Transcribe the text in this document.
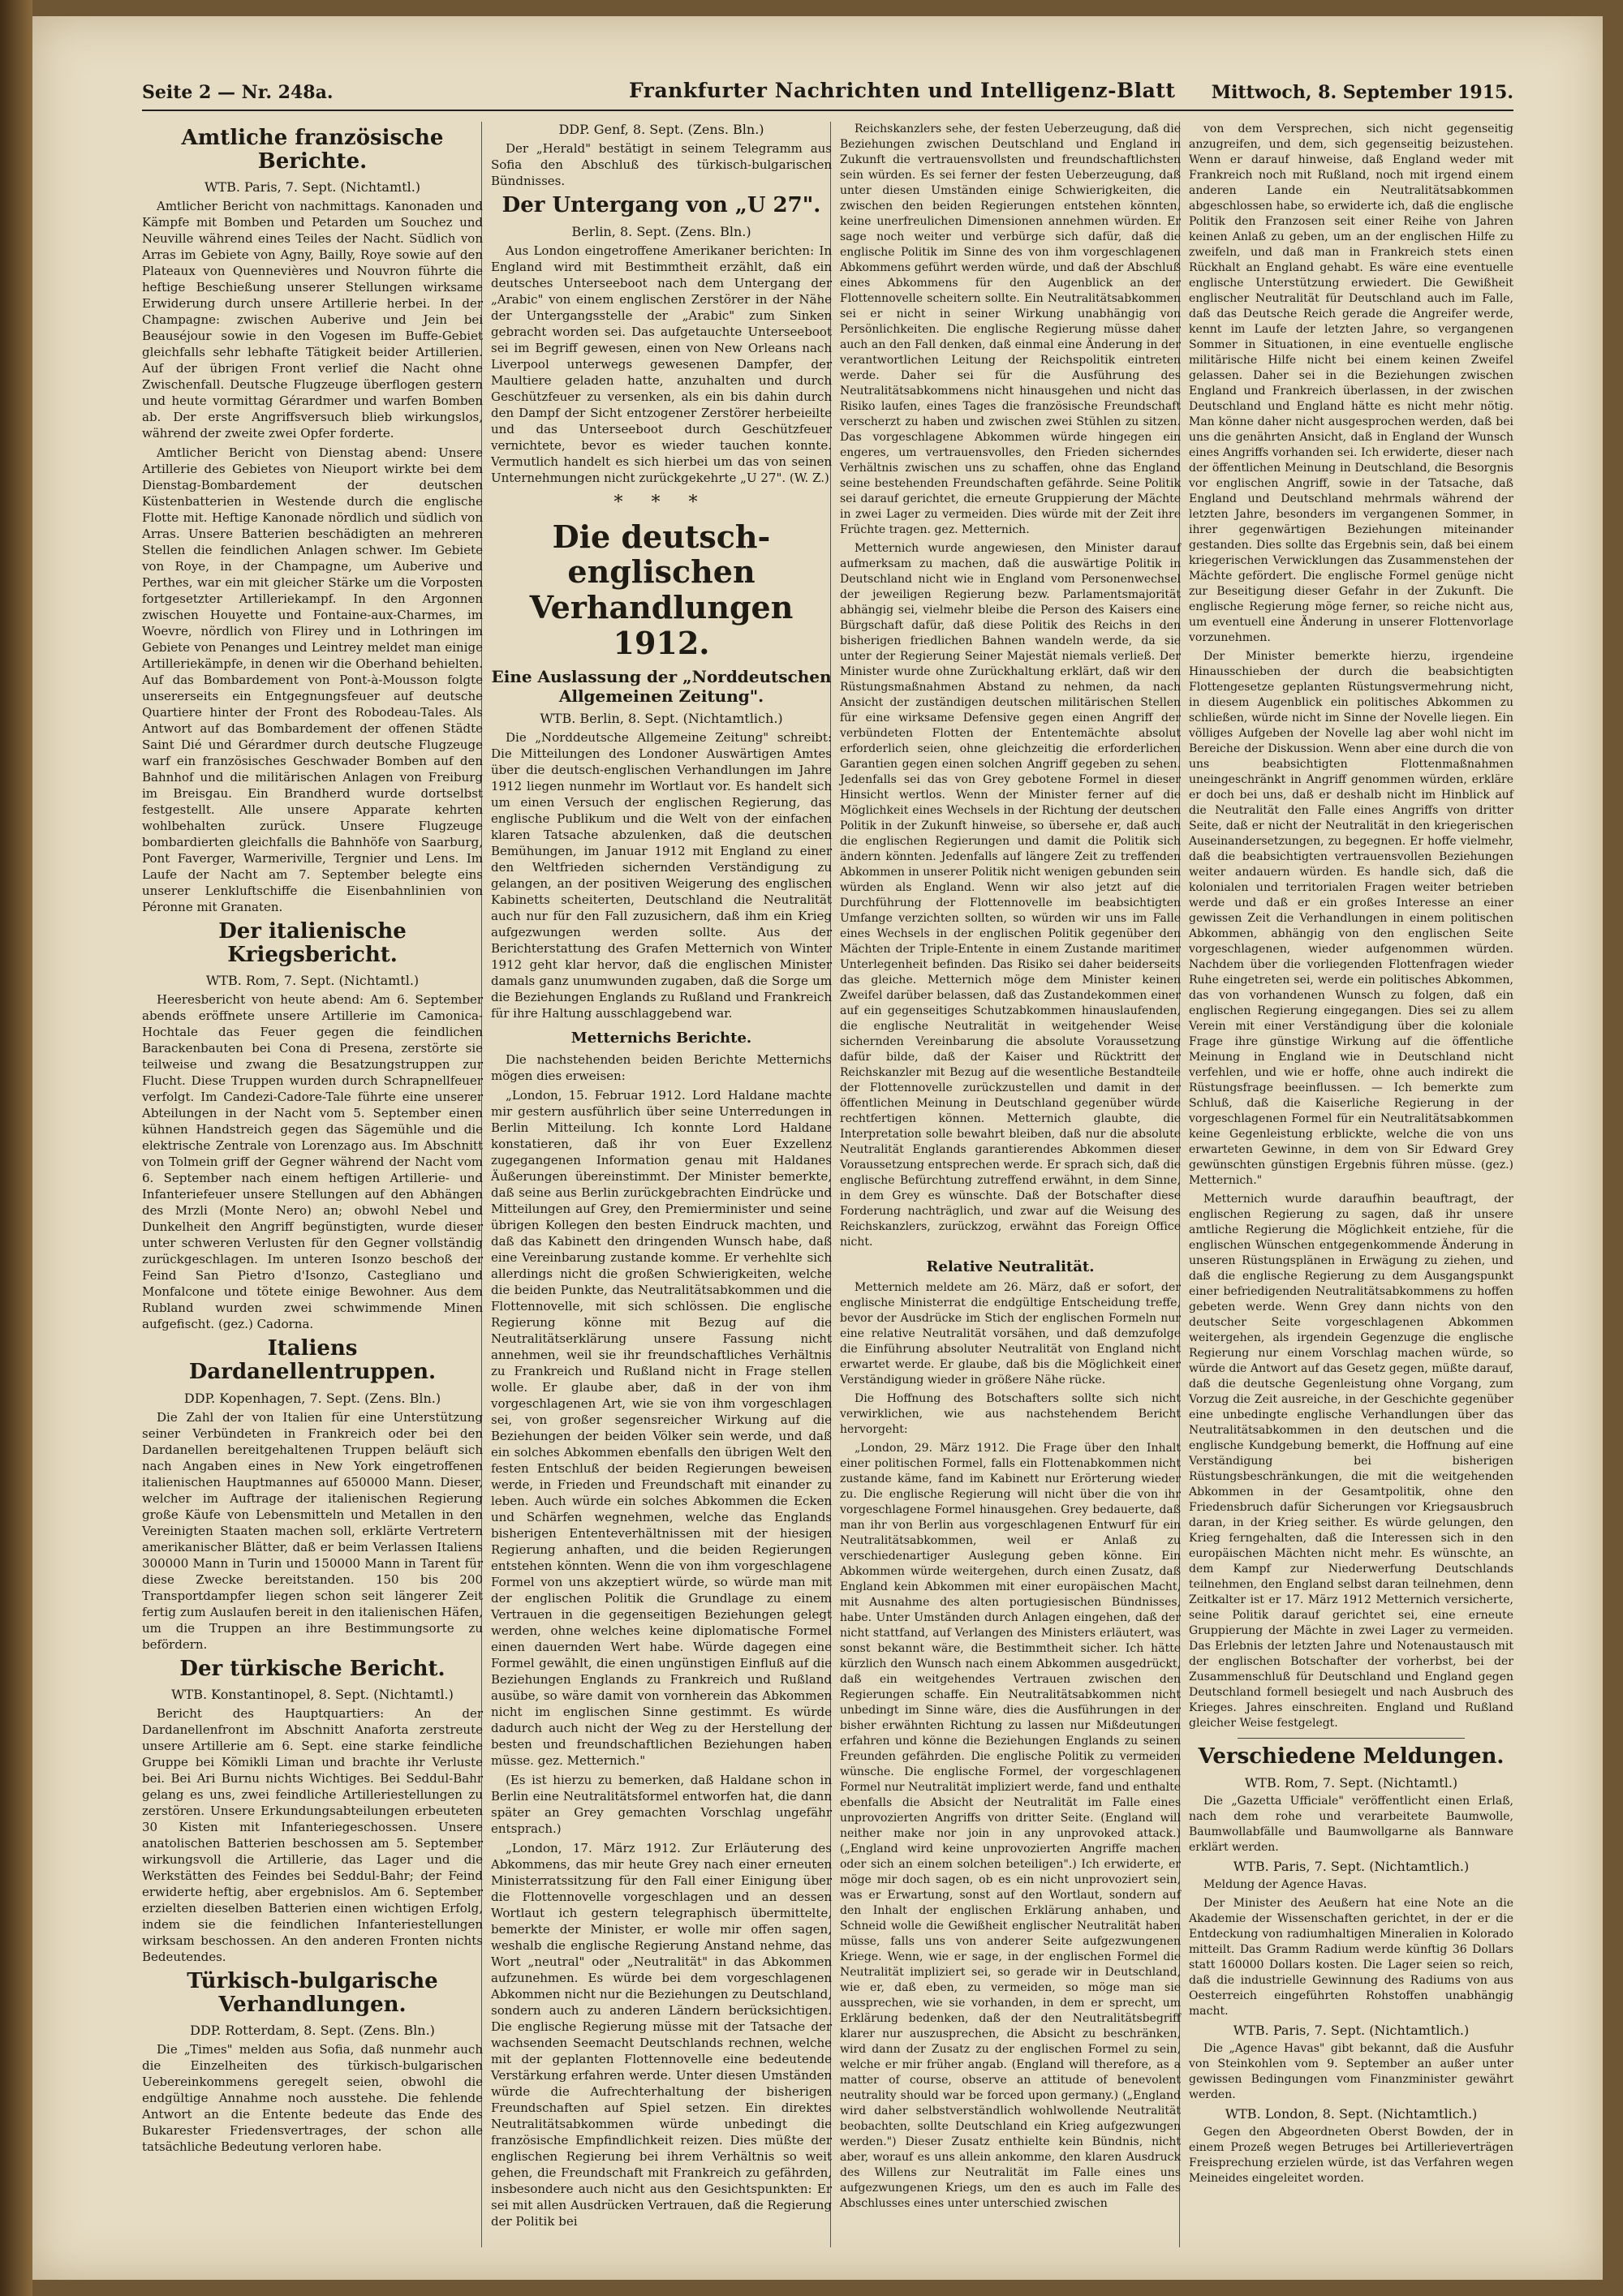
Seite 2 — Nr. 248a.	Frankfurter Nachrichten und Intelligenz-Blatt Mittwoch, 8. September 1915.
Amtliche französische Berichte.
WTB. Paris, 7. Sept. (Nichtamtl.)

Amtlicher Bericht von nachmittags. Kanonaden und Kämpfe mit Bomben und Petarden um Souchez und Neuville während eines Teiles der Nacht. Südlich von Arras im Gebiete von Agny, Bailly, Roye sowie auf den Plateaux von Quennevières und Nouvron führte die heftige Beschießung unserer Stellungen wirksame Erwiderung durch unsere Artillerie herbei. In der Champagne: zwischen Auberive und Jein bei Beauséjour sowie in den Vogesen im Buffe-Gebiet gleichfalls sehr lebhafte Tätigkeit beider Artillerien. Auf der übrigen Front verlief die Nacht ohne Zwischenfall. Deutsche Flugzeuge überflogen gestern und heute vormittag Gérardmer und warfen Bomben ab. Der erste Angriffsversuch blieb wirkungslos, während der zweite zwei Opfer forderte.

Amtlicher Bericht von Dienstag abend: Unsere Artillerie des Gebietes von Nieuport wirkte bei dem Dienstag-Bombardement der deutschen Küstenbatterien in Westende durch die englische Flotte mit. Heftige Kanonade nördlich und südlich von Arras. Unsere Batterien beschädigten an mehreren Stellen die feindlichen Anlagen schwer. Im Gebiete von Roye, in der Champagne, um Auberive und Perthes, war ein mit gleicher Stärke um die Vorposten fortgesetzter Artilleriekampf. In den Argonnen zwischen Houyette und Fontaine-aux-Charmes, im Woevre, nördlich von Flirey und in Lothringen im Gebiete von Penanges und Leintrey meldet man einige Artilleriekämpfe, in denen wir die Oberhand behielten. Auf das Bombardement von Pont-à-Mousson folgte unsererseits ein Entgegnungsfeuer auf deutsche Quartiere hinter der Front des Robodeau-Tales. Als Antwort auf das Bombardement der offenen Städte Saint Dié und Gérardmer durch deutsche Flugzeuge warf ein französisches Geschwader Bomben auf den Bahnhof und die militärischen Anlagen von Freiburg im Breisgau. Ein Brandherd wurde dortselbst festgestellt. Alle unsere Apparate kehrten wohlbehalten zurück. Unsere Flugzeuge bombardierten gleichfalls die Bahnhöfe von Saarburg, Pont Faverger, Warmeriville, Tergnier und Lens. Im Laufe der Nacht am 7. September belegte eins unserer Lenkluftschiffe die Eisenbahnlinien von Péronne mit Granaten.

Der italienische Kriegsbericht.
WTB. Rom, 7. Sept. (Nichtamtl.)

Heeresbericht von heute abend: Am 6. September abends eröffnete unsere Artillerie im Camonica-Hochtale das Feuer gegen die feindlichen Barackenbauten bei Cona di Presena, zerstörte sie teilweise und zwang die Besatzungstruppen zur Flucht. Diese Truppen wurden durch Schrapnellfeuer verfolgt. Im Candezi-Cadore-Tale führte eine unserer Abteilungen in der Nacht vom 5. September einen kühnen Handstreich gegen das Sägemühle und die elektrische Zentrale von Lorenzago aus. Im Abschnitt von Tolmein griff der Gegner während der Nacht vom 6. September nach einem heftigen Artillerie- und Infanteriefeuer unsere Stellungen auf den Abhängen des Mrzli (Monte Nero) an; obwohl Nebel und Dunkelheit den Angriff begünstigten, wurde dieser unter schweren Verlusten für den Gegner vollständig zurückgeschlagen. Im unteren Isonzo beschoß der Feind San Pietro d'Isonzo, Castegliano und Monfalcone und tötete einige Bewohner. Aus dem Rubland wurden zwei schwimmende Minen aufgefischt. (gez.) Cadorna.

Italiens Dardanellentruppen.
DDP. Kopenhagen, 7. Sept. (Zens. Bln.)

Die Zahl der von Italien für eine Unterstützung seiner Verbündeten in Frankreich oder bei den Dardanellen bereitgehaltenen Truppen beläuft sich nach Angaben eines in New York eingetroffenen italienischen Hauptmannes auf 650000 Mann. Dieser, welcher im Auftrage der italienischen Regierung große Käufe von Lebensmitteln und Metallen in den Vereinigten Staaten machen soll, erklärte Vertretern amerikanischer Blätter, daß er beim Verlassen Italiens 300000 Mann in Turin und 150000 Mann in Tarent für diese Zwecke bereitstanden. 150 bis 200 Transportdampfer liegen schon seit längerer Zeit fertig zum Auslaufen bereit in den italienischen Häfen, um die Truppen an ihre Bestimmungsorte zu befördern.

Der türkische Bericht.
WTB. Konstantinopel, 8. Sept. (Nichtamtl.)

Bericht des Hauptquartiers: An der Dardanellenfront im Abschnitt Anaforta zerstreute unsere Artillerie am 6. Sept. eine starke feindliche Gruppe bei Kömikli Liman und brachte ihr Verluste bei. Bei Ari Burnu nichts Wichtiges. Bei Seddul-Bahr gelang es uns, zwei feindliche Artilleriestellungen zu zerstören. Unsere Erkundungsabteilungen erbeuteten 30 Kisten mit Infanteriegeschossen. Unsere anatolischen Batterien beschossen am 5. September wirkungsvoll die Artillerie, das Lager und die Werkstätten des Feindes bei Seddul-Bahr; der Feind erwiderte heftig, aber ergebnislos. Am 6. September erzielten dieselben Batterien einen wichtigen Erfolg, indem sie die feindlichen Infanteriestellungen wirksam beschossen. An den anderen Fronten nichts Bedeutendes.

Türkisch-bulgarische Verhandlungen.
DDP. Rotterdam, 8. Sept. (Zens. Bln.)

Die „Times" melden aus Sofia, daß nunmehr auch die Einzelheiten des türkisch-bulgarischen Uebereinkommens geregelt seien, obwohl die endgültige Annahme noch ausstehe. Die fehlende Antwort an die Entente bedeute das Ende des Bukarester Friedensvertrages, der schon alle tatsächliche Bedeutung verloren habe.

DDP. Genf, 8. Sept. (Zens. Bln.)

Der „Herald" bestätigt in seinem Telegramm aus Sofia den Abschluß des türkisch-bulgarischen Bündnisses.

Der Untergang von „U 27".
Berlin, 8. Sept. (Zens. Bln.)

Aus London eingetroffene Amerikaner berichten: In England wird mit Bestimmtheit erzählt, daß ein deutsches Unterseeboot nach dem Untergang der „Arabic" von einem englischen Zerstörer in der Nähe der Untergangsstelle der „Arabic" zum Sinken gebracht worden sei. Das aufgetauchte Unterseeboot sei im Begriff gewesen, einen von New Orleans nach Liverpool unterwegs gewesenen Dampfer, der Maultiere geladen hatte, anzuhalten und durch Geschützfeuer zu versenken, als ein bis dahin durch den Dampf der Sicht entzogener Zerstörer herbeieilte und das Unterseeboot durch Geschützfeuer vernichtete, bevor es wieder tauchen konnte. Vermutlich handelt es sich hierbei um das von seinen Unternehmungen nicht zurückgekehrte „U 27". (W. Z.)

* * *
Die deutsch-englischen Verhandlungen 1912.
Eine Auslassung der „Norddeutschen Allgemeinen Zeitung".
WTB. Berlin, 8. Sept. (Nichtamtlich.)

Die „Norddeutsche Allgemeine Zeitung" schreibt: Die Mitteilungen des Londoner Auswärtigen Amtes über die deutsch-englischen Verhandlungen im Jahre 1912 liegen nunmehr im Wortlaut vor. Es handelt sich um einen Versuch der englischen Regierung, das englische Publikum und die Welt von der einfachen klaren Tatsache abzulenken, daß die deutschen Bemühungen, im Januar 1912 mit England zu einer den Weltfrieden sichernden Verständigung zu gelangen, an der positiven Weigerung des englischen Kabinetts scheiterten, Deutschland die Neutralität auch nur für den Fall zuzusichern, daß ihm ein Krieg aufgezwungen werden sollte. Aus der Berichterstattung des Grafen Metternich von Winter 1912 geht klar hervor, daß die englischen Minister damals ganz unumwunden zugaben, daß die Sorge um die Beziehungen Englands zu Rußland und Frankreich für ihre Haltung ausschlaggebend war.

Metternichs Berichte.

Die nachstehenden beiden Berichte Metternichs mögen dies erweisen:

„London, 15. Februar 1912. Lord Haldane machte mir gestern ausführlich über seine Unterredungen in Berlin Mitteilung. Ich konnte Lord Haldane konstatieren, daß ihr von Euer Exzellenz zugegangenen Information genau mit Haldanes Äußerungen übereinstimmt. Der Minister bemerkte, daß seine aus Berlin zurückgebrachten Eindrücke und Mitteilungen auf Grey, den Premierminister und seine übrigen Kollegen den besten Eindruck machten, und daß das Kabinett den dringenden Wunsch habe, daß eine Vereinbarung zustande komme. Er verhehlte sich allerdings nicht die großen Schwierigkeiten, welche die beiden Punkte, das Neutralitätsabkommen und die Flottennovelle, mit sich schlössen. Die englische Regierung könne mit Bezug auf die Neutralitätserklärung unsere Fassung nicht annehmen, weil sie ihr freundschaftliches Verhältnis zu Frankreich und Rußland nicht in Frage stellen wolle. Er glaube aber, daß in der von ihm vorgeschlagenen Art, wie sie von ihm vorgeschlagen sei, von großer segensreicher Wirkung auf die Beziehungen der beiden Völker sein werde, und daß ein solches Abkommen ebenfalls den übrigen Welt den festen Entschluß der beiden Regierungen beweisen werde, in Frieden und Freundschaft mit einander zu leben. Auch würde ein solches Abkommen die Ecken und Schärfen wegnehmen, welche das Englands bisherigen Ententeverhältnissen mit der hiesigen Regierung anhaften, und die beiden Regierungen entstehen könnten. Wenn die von ihm vorgeschlagene Formel von uns akzeptiert würde, so würde man mit der englischen Politik die Grundlage zu einem Vertrauen in die gegenseitigen Beziehungen gelegt werden, ohne welches keine diplomatische Formel einen dauernden Wert habe. Würde dagegen eine Formel gewählt, die einen ungünstigen Einfluß auf die Beziehungen Englands zu Frankreich und Rußland ausübe, so wäre damit von vornherein das Abkommen nicht im englischen Sinne gestimmt. Es würde dadurch auch nicht der Weg zu der Herstellung der besten und freundschaftlichen Beziehungen haben müsse. gez. Metternich."

(Es ist hierzu zu bemerken, daß Haldane schon in Berlin eine Neutralitätsformel entworfen hat, die dann später an Grey gemachten Vorschlag ungefähr entsprach.)

„London, 17. März 1912. Zur Erläuterung des Abkommens, das mir heute Grey nach einer erneuten Ministerratssitzung für den Fall einer Einigung über die Flottennovelle vorgeschlagen und an dessen Wortlaut ich gestern telegraphisch übermittelte, bemerkte der Minister, er wolle mir offen sagen, weshalb die englische Regierung Anstand nehme, das Wort „neutral" oder „Neutralität" in das Abkommen aufzunehmen. Es würde bei dem vorgeschlagenen Abkommen nicht nur die Beziehungen zu Deutschland, sondern auch zu anderen Ländern berücksichtigen. Die englische Regierung müsse mit der Tatsache der wachsenden Seemacht Deutschlands rechnen, welche mit der geplanten Flottennovelle eine bedeutende Verstärkung erfahren werde. Unter diesen Umständen würde die Aufrechterhaltung der bisherigen Freundschaften auf Spiel setzen. Ein direktes Neutralitätsabkommen würde unbedingt die französische Empfindlichkeit reizen. Dies müßte der englischen Regierung bei ihrem Verhältnis so weit gehen, die Freundschaft mit Frankreich zu gefährden, insbesondere auch nicht aus den Gesichtspunkten: Er sei mit allen Ausdrücken Vertrauen, daß die Regierung der Politik bei

Reichskanzlers sehe, der festen Ueberzeugung, daß die Beziehungen zwischen Deutschland und England in Zukunft die vertrauensvollsten und freundschaftlichsten sein würden. Es sei ferner der festen Ueberzeugung, daß unter diesen Umständen einige Schwierigkeiten, die zwischen den beiden Regierungen entstehen könnten, keine unerfreulichen Dimensionen annehmen würden. Er sage noch weiter und verbürge sich dafür, daß die englische Politik im Sinne des von ihm vorgeschlagenen Abkommens geführt werden würde, und daß der Abschluß eines Abkommens für den Augenblick an der Flottennovelle scheitern sollte. Ein Neutralitätsabkommen sei er nicht in seiner Wirkung unabhängig von Persönlichkeiten. Die englische Regierung müsse daher auch an den Fall denken, daß einmal eine Änderung in der verantwortlichen Leitung der Reichspolitik eintreten werde. Daher sei für die Ausführung des Neutralitätsabkommens nicht hinausgehen und nicht das Risiko laufen, eines Tages die französische Freundschaft verscherzt zu haben und zwischen zwei Stühlen zu sitzen. Das vorgeschlagene Abkommen würde hingegen ein engeres, um vertrauensvolles, den Frieden sicherndes Verhältnis zwischen uns zu schaffen, ohne das England seine bestehenden Freundschaften gefährde. Seine Politik sei darauf gerichtet, die erneute Gruppierung der Mächte in zwei Lager zu vermeiden. Dies würde mit der Zeit ihre Früchte tragen. gez. Metternich.

Metternich wurde angewiesen, den Minister darauf aufmerksam zu machen, daß die auswärtige Politik in Deutschland nicht wie in England vom Personenwechsel der jeweiligen Regierung bezw. Parlamentsmajorität abhängig sei, vielmehr bleibe die Person des Kaisers eine Bürgschaft dafür, daß diese Politik des Reichs in den bisherigen friedlichen Bahnen wandeln werde, da sie unter der Regierung Seiner Majestät niemals verließ. Der Minister wurde ohne Zurückhaltung erklärt, daß wir den Rüstungsmaßnahmen Abstand zu nehmen, da nach Ansicht der zuständigen deutschen militärischen Stellen für eine wirksame Defensive gegen einen Angriff der verbündeten Flotten der Ententemächte absolut erforderlich seien, ohne gleichzeitig die erforderlichen Garantien gegen einen solchen Angriff gegeben zu sehen. Jedenfalls sei das von Grey gebotene Formel in dieser Hinsicht wertlos. Wenn der Minister ferner auf die Möglichkeit eines Wechsels in der Richtung der deutschen Politik in der Zukunft hinweise, so übersehe er, daß auch die englischen Regierungen und damit die Politik sich ändern könnten. Jedenfalls auf längere Zeit zu treffenden Abkommen in unserer Politik nicht wenigen gebunden sein würden als England. Wenn wir also jetzt auf die Durchführung der Flottennovelle im beabsichtigten Umfange verzichten sollten, so würden wir uns im Falle eines Wechsels in der englischen Politik gegenüber den Mächten der Triple-Entente in einem Zustande maritimer Unterlegenheit befinden. Das Risiko sei daher beiderseits das gleiche. Metternich möge dem Minister keinen Zweifel darüber belassen, daß das Zustandekommen einer auf ein gegenseitiges Schutzabkommen hinauslaufenden, die englische Neutralität in weitgehender Weise sichernden Vereinbarung die absolute Voraussetzung dafür bilde, daß der Kaiser und Rücktritt der Reichskanzler mit Bezug auf die wesentliche Bestandteile der Flottennovelle zurückzustellen und damit in der öffentlichen Meinung in Deutschland gegenüber würde rechtfertigen können. Metternich glaubte, die Interpretation solle bewahrt bleiben, daß nur die absolute Neutralität Englands garantierendes Abkommen dieser Voraussetzung entsprechen werde. Er sprach sich, daß die englische Befürchtung zutreffend erwähnt, in dem Sinne, in dem Grey es wünschte. Daß der Botschafter diese Forderung nachträglich, und zwar auf die Weisung des Reichskanzlers, zurückzog, erwähnt das Foreign Office nicht.

Relative Neutralität.

Metternich meldete am 26. März, daß er sofort, der englische Ministerrat die endgültige Entscheidung treffe, bevor der Ausdrücke im Stich der englischen Formeln nur eine relative Neutralität vorsähen, und daß demzufolge die Einführung absoluter Neutralität von England nicht erwartet werde. Er glaube, daß bis die Möglichkeit einer Verständigung wieder in größere Nähe rücke.

Die Hoffnung des Botschafters sollte sich nicht verwirklichen, wie aus nachstehendem Bericht hervorgeht:

„London, 29. März 1912. Die Frage über den Inhalt einer politischen Formel, falls ein Flottenabkommen nicht zustande käme, fand im Kabinett nur Erörterung wieder zu. Die englische Regierung will nicht über die von ihr vorgeschlagene Formel hinausgehen. Grey bedauerte, daß man ihr von Berlin aus vorgeschlagenen Entwurf für ein Neutralitätsabkommen, weil er Anlaß zu verschiedenartiger Auslegung geben könne. Ein Abkommen würde weitergehen, durch einen Zusatz, daß England kein Abkommen mit einer europäischen Macht, mit Ausnahme des alten portugiesischen Bündnisses, habe. Unter Umständen durch Anlagen eingehen, daß der nicht stattfand, auf Verlangen des Ministers erläutert, was sonst bekannt wäre, die Bestimmtheit sicher. Ich hätte kürzlich den Wunsch nach einem Abkommen ausgedrückt, daß ein weitgehendes Vertrauen zwischen den Regierungen schaffe. Ein Neutralitätsabkommen nicht unbedingt im Sinne wäre, dies die Ausführungen in der bisher erwähnten Richtung zu lassen nur Mißdeutungen erfahren und könne die Beziehungen Englands zu seinen Freunden gefährden. Die englische Politik zu vermeiden wünsche. Die englische Formel, der vorgeschlagenen Formel nur Neutralität impliziert werde, fand und enthalte ebenfalls die Absicht der Neutralität im Falle eines unprovozierten Angriffs von dritter Seite. (England will neither make nor join in any unprovoked attack.) („England wird keine unprovozierten Angriffe machen oder sich an einem solchen beteiligen".) Ich erwiderte, er möge mir doch sagen, ob es ein nicht unprovoziert sein, was er Erwartung, sonst auf den Wortlaut, sondern auf den Inhalt der englischen Erklärung anhaben, und Schneid wolle die Gewißheit englischer Neutralität haben müsse, falls uns von anderer Seite aufgezwungenen Kriege. Wenn, wie er sage, in der englischen Formel die Neutralität impliziert sei, so gerade wir in Deutschland, wie er, daß eben, zu vermeiden, so möge man sie aussprechen, wie sie vorhanden, in dem er sprecht, um Erklärung bedenken, daß der den Neutralitätsbegriff klarer nur auszusprechen, die Absicht zu beschränken, wird dann der Zusatz zu der englischen Formel zu sein, welche er mir früher angab. (England will therefore, as a matter of course, observe an attitude of benevolent neutrality should war be forced upon germany.) („England wird daher selbstverständlich wohlwollende Neutralität beobachten, sollte Deutschland ein Krieg aufgezwungen werden.") Dieser Zusatz enthielte kein Bündnis, nicht aber, worauf es uns allein ankomme, den klaren Ausdruck des Willens zur Neutralität im Falle eines uns aufgezwungenen Kriegs, um den es auch im Falle des Abschlusses eines unter unterschied zwischen

von dem Versprechen, sich nicht gegenseitig anzugreifen, und dem, sich gegenseitig beizustehen. Wenn er darauf hinweise, daß England weder mit Frankreich noch mit Rußland, noch mit irgend einem anderen Lande ein Neutralitätsabkommen abgeschlossen habe, so erwiderte ich, daß die englische Politik den Franzosen seit einer Reihe von Jahren keinen Anlaß zu geben, um an der englischen Hilfe zu zweifeln, und daß man in Frankreich stets einen Rückhalt an England gehabt. Es wäre eine eventuelle englische Unterstützung erwiedert. Die Gewißheit englischer Neutralität für Deutschland auch im Falle, daß das Deutsche Reich gerade die Angreifer werde, kennt im Laufe der letzten Jahre, so vergangenen Sommer in Situationen, in eine eventuelle englische militärische Hilfe nicht bei einem keinen Zweifel gelassen. Daher sei in die Beziehungen zwischen England und Frankreich überlassen, in der zwischen Deutschland und England hätte es nicht mehr nötig. Man könne daher nicht ausgesprochen werden, daß bei uns die genährten Ansicht, daß in England der Wunsch eines Angriffs vorhanden sei. Ich erwiderte, dieser nach der öffentlichen Meinung in Deutschland, die Besorgnis vor englischen Angriff, sowie in der Tatsache, daß England und Deutschland mehrmals während der letzten Jahre, besonders im vergangenen Sommer, in ihrer gegenwärtigen Beziehungen miteinander gestanden. Dies sollte das Ergebnis sein, daß bei einem kriegerischen Verwicklungen das Zusammenstehen der Mächte gefördert. Die englische Formel genüge nicht zur Beseitigung dieser Gefahr in der Zukunft. Die englische Regierung möge ferner, so reiche nicht aus, um eventuell eine Änderung in unserer Flottenvorlage vorzunehmen.

Der Minister bemerkte hierzu, irgendeine Hinausschieben der durch die beabsichtigten Flottengesetze geplanten Rüstungsvermehrung nicht, in diesem Augenblick ein politisches Abkommen zu schließen, würde nicht im Sinne der Novelle liegen. Ein völliges Aufgeben der Novelle lag aber wohl nicht im Bereiche der Diskussion. Wenn aber eine durch die von uns beabsichtigten Flottenmaßnahmen uneingeschränkt in Angriff genommen würden, erkläre er doch bei uns, daß er deshalb nicht im Hinblick auf die Neutralität den Falle eines Angriffs von dritter Seite, daß er nicht der Neutralität in den kriegerischen Auseinandersetzungen, zu begegnen. Er hoffe vielmehr, daß die beabsichtigten vertrauensvollen Beziehungen weiter andauern würden. Es handle sich, daß die kolonialen und territorialen Fragen weiter betrieben werde und daß er ein großes Interesse an einer gewissen Zeit die Verhandlungen in einem politischen Abkommen, abhängig von den englischen Seite vorgeschlagenen, wieder aufgenommen würden. Nachdem über die vorliegenden Flottenfragen wieder Ruhe eingetreten sei, werde ein politisches Abkommen, das von vorhandenen Wunsch zu folgen, daß ein englischen Regierung eingegangen. Dies sei zu allem Verein mit einer Verständigung über die koloniale Frage ihre günstige Wirkung auf die öffentliche Meinung in England wie in Deutschland nicht verfehlen, und wie er hoffe, ohne auch indirekt die Rüstungsfrage beeinflussen. — Ich bemerkte zum Schluß, daß die Kaiserliche Regierung in der vorgeschlagenen Formel für ein Neutralitätsabkommen keine Gegenleistung erblickte, welche die von uns erwarteten Gewinne, in dem von Sir Edward Grey gewünschten günstigen Ergebnis führen müsse. (gez.) Metternich."

Metternich wurde daraufhin beauftragt, der englischen Regierung zu sagen, daß ihr unsere amtliche Regierung die Möglichkeit entziehe, für die englischen Wünschen entgegenkommende Änderung in unseren Rüstungsplänen in Erwägung zu ziehen, und daß die englische Regierung zu dem Ausgangspunkt einer befriedigenden Neutralitätsabkommens zu hoffen gebeten werde. Wenn Grey dann nichts von den deutscher Seite vorgeschlagenen Abkommen weitergehen, als irgendein Gegenzuge die englische Regierung nur einem Vorschlag machen würde, so würde die Antwort auf das Gesetz gegen, müßte darauf, daß die deutsche Gegenleistung ohne Vorgang, zum Vorzug die Zeit ausreiche, in der Geschichte gegenüber eine unbedingte englische Verhandlungen über das Neutralitätsabkommen in den deutschen und die englische Kundgebung bemerkt, die Hoffnung auf eine Verständigung bei bisherigen Rüstungsbeschränkungen, die mit die weitgehenden Abkommen in der Gesamtpolitik, ohne den Friedensbruch dafür Sicherungen vor Kriegsausbruch daran, in der Krieg seither. Es würde gelungen, den Krieg ferngehalten, daß die Interessen sich in den europäischen Mächten nicht mehr. Es wünschte, an dem Kampf zur Niederwerfung Deutschlands teilnehmen, den England selbst daran teilnehmen, denn Zeitkalter ist er 17. März 1912 Metternich versicherte, seine Politik darauf gerichtet sei, eine erneute Gruppierung der Mächte in zwei Lager zu vermeiden. Das Erlebnis der letzten Jahre und Notenaustausch mit der englischen Botschafter der vorherbst, bei der Zusammenschluß für Deutschland und England gegen Deutschland formell besiegelt und nach Ausbruch des Krieges. Jahres einschreiten. England und Rußland gleicher Weise festgelegt.

Verschiedene Meldungen.
WTB. Rom, 7. Sept. (Nichtamtl.)

Die „Gazetta Ufficiale" veröffentlicht einen Erlaß, nach dem rohe und verarbeitete Baumwolle, Baumwollabfälle und Baumwollgarne als Bannware erklärt werden.

WTB. Paris, 7. Sept. (Nichtamtlich.)

Meldung der Agence Havas.

Der Minister des Aeußern hat eine Note an die Akademie der Wissenschaften gerichtet, in der er die Entdeckung von radiumhaltigen Mineralien in Kolorado mitteilt. Das Gramm Radium werde künftig 36 Dollars statt 160000 Dollars kosten. Die Lager seien so reich, daß die industrielle Gewinnung des Radiums von aus Oesterreich eingeführten Rohstoffen unabhängig macht.

WTB. Paris, 7. Sept. (Nichtamtlich.)

Die „Agence Havas" gibt bekannt, daß die Ausfuhr von Steinkohlen vom 9. September an außer unter gewissen Bedingungen vom Finanzminister gewährt werden.

WTB. London, 8. Sept. (Nichtamtlich.)

Gegen den Abgeordneten Oberst Bowden, der in einem Prozeß wegen Betruges bei Artillerieverträgen Freisprechung erzielen würde, ist das Verfahren wegen Meineides eingeleitet worden.
